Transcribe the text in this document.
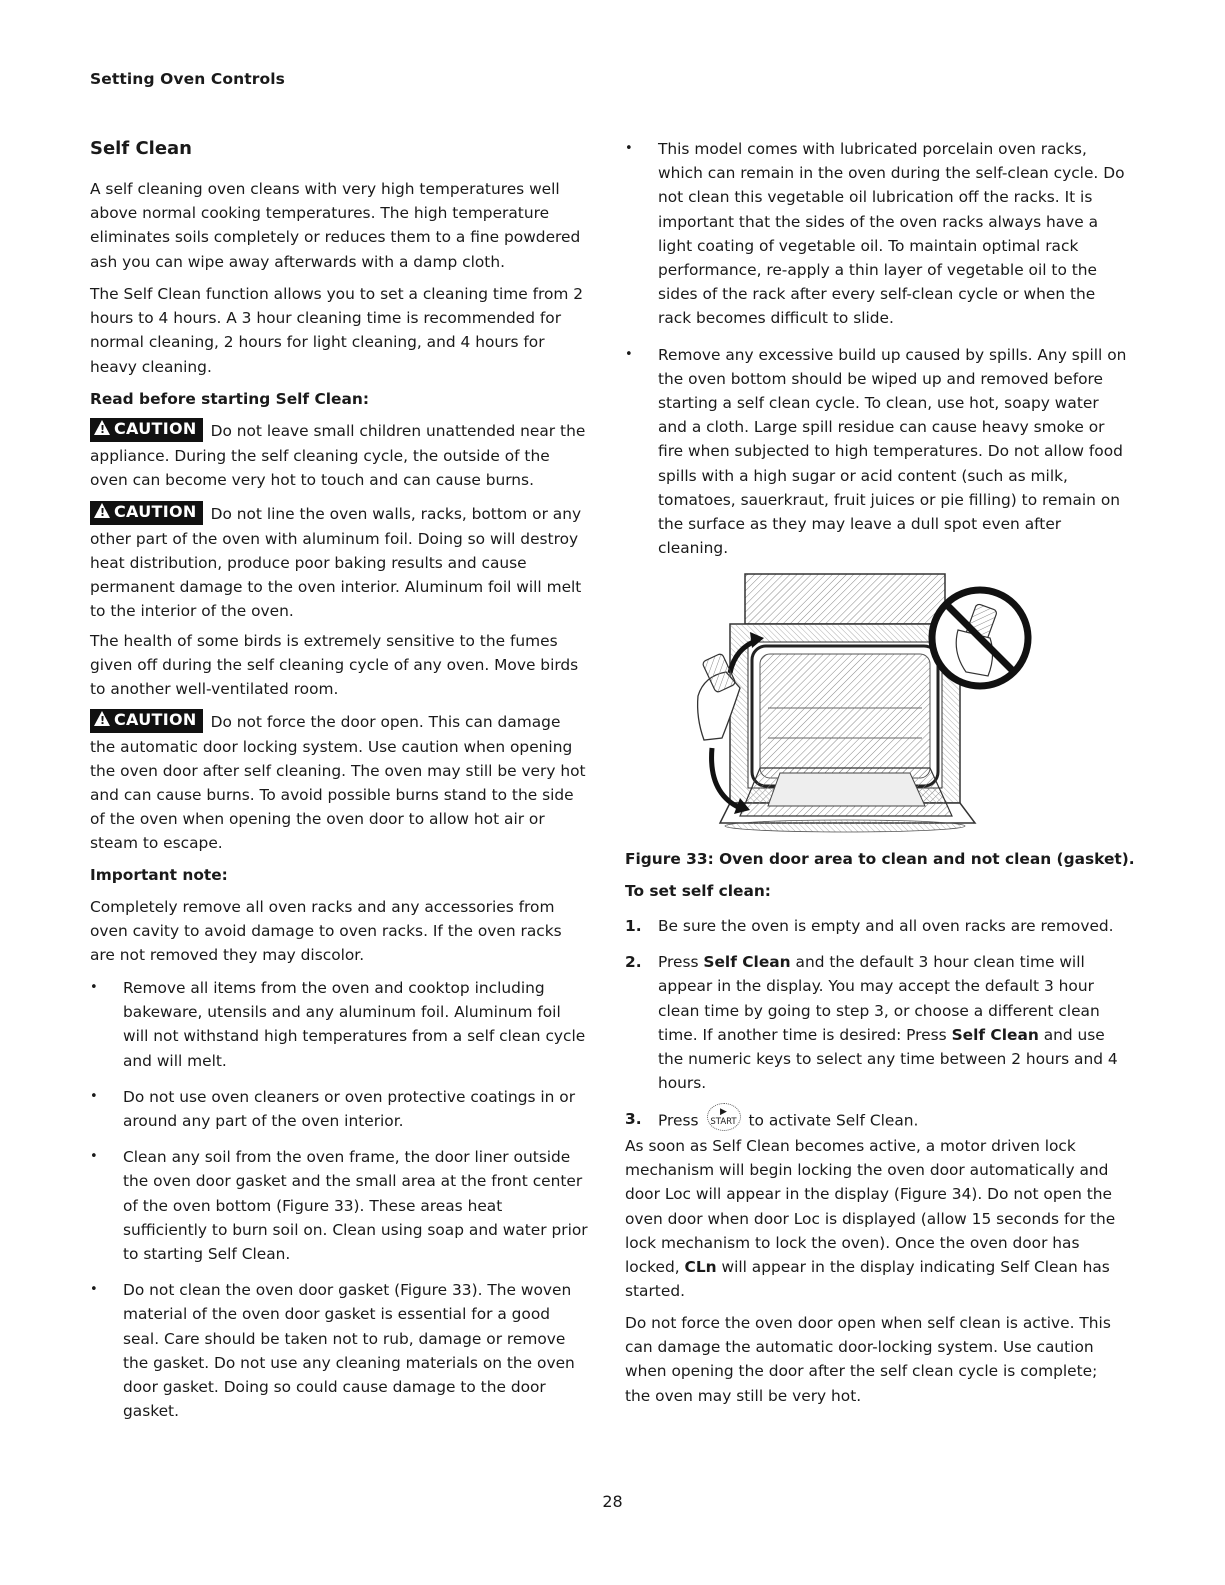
Setting Oven Controls
Self Clean

A self cleaning oven cleans with very high temperatures well above normal cooking temperatures. The high temperature eliminates soils completely or reduces them to a fine powdered ash you can wipe away afterwards with a damp cloth.

The Self Clean function allows you to set a cleaning time from 2 hours to 4 hours. A 3 hour cleaning time is recommended for normal cleaning, 2 hours for light cleaning, and 4 hours for heavy cleaning.

Read before starting Self Clean:

! CAUTION Do not leave small children unattended near the appliance. During the self cleaning cycle, the outside of the oven can become very hot to touch and can cause burns.

! CAUTION Do not line the oven walls, racks, bottom or any other part of the oven with aluminum foil. Doing so will destroy heat distribution, produce poor baking results and cause permanent damage to the oven interior. Aluminum foil will melt to the interior of the oven.

The health of some birds is extremely sensitive to the fumes given off during the self cleaning cycle of any oven. Move birds to another well-ventilated room.

! CAUTION Do not force the door open. This can damage the automatic door locking system. Use caution when opening the oven door after self cleaning. The oven may still be very hot and can cause burns. To avoid possible burns stand to the side of the oven when opening the oven door to allow hot air or steam to escape.

Important note:

Completely remove all oven racks and any accessories from oven cavity to avoid damage to oven racks. If the oven racks are not removed they may discolor.

• Remove all items from the oven and cooktop including bakeware, utensils and any aluminum foil. Aluminum foil will not withstand high temperatures from a self clean cycle and will melt.
• Do not use oven cleaners or oven protective coatings in or around any part of the oven interior.
• Clean any soil from the oven frame, the door liner outside the oven door gasket and the small area at the front center of the oven bottom (Figure 33). These areas heat sufficiently to burn soil on. Clean using soap and water prior to starting Self Clean.
• Do not clean the oven door gasket (Figure 33). The woven material of the oven door gasket is essential for a good seal. Care should be taken not to rub, damage or remove the gasket. Do not use any cleaning materials on the oven door gasket. Doing so could cause damage to the door gasket.
• This model comes with lubricated porcelain oven racks, which can remain in the oven during the self-clean cycle. Do not clean this vegetable oil lubrication off the racks. It is important that the sides of the oven racks always have a light coating of vegetable oil. To maintain optimal rack performance, re-apply a thin layer of vegetable oil to the sides of the rack after every self-clean cycle or when the rack becomes difficult to slide.
• Remove any excessive build up caused by spills. Any spill on the oven bottom should be wiped up and removed before starting a self clean cycle. To clean, use hot, soapy water and a cloth. Large spill residue can cause heavy smoke or fire when subjected to high temperatures. Do not allow food spills with a high sugar or acid content (such as milk, tomatoes, sauerkraut, fruit juices or pie filling) to remain on the surface as they may leave a dull spot even after cleaning.

Figure 33: Oven door area to clean and not clean (gasket).

To set self clean:

1. Be sure the oven is empty and all oven racks are removed.
2. Press Self Clean and the default 3 hour clean time will appear in the display. You may accept the default 3 hour clean time by going to step 3, or choose a different clean time. If another time is desired: Press Self Clean and use the numeric keys to select any time between 2 hours and 4 hours.
3. Press	▶
START to activate Self Clean.

As soon as Self Clean becomes active, a motor driven lock mechanism will begin locking the oven door automatically and door Loc will appear in the display (Figure 34). Do not open the oven door when door Loc is displayed (allow 15 seconds for the lock mechanism to lock the oven). Once the oven door has locked, CLn will appear in the display indicating Self Clean has started.

Do not force the oven door open when self clean is active. This can damage the automatic door-locking system. Use caution when opening the door after the self clean cycle is complete; the oven may still be very hot.

28
